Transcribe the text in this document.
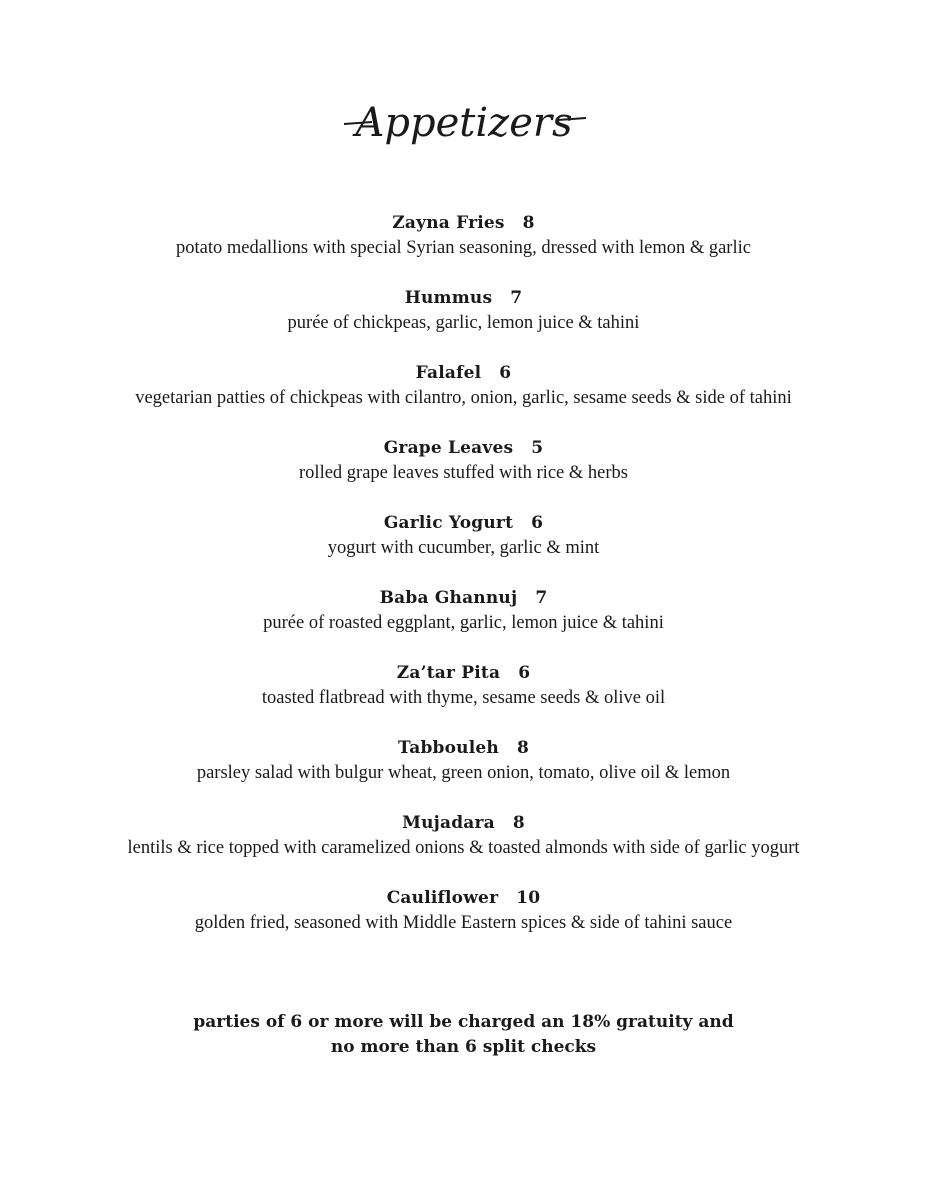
Appetizers
Zayna Fries 8
potato medallions with special Syrian seasoning, dressed with lemon & garlic
Hummus 7
purée of chickpeas, garlic, lemon juice & tahini
Falafel 6
vegetarian patties of chickpeas with cilantro, onion, garlic, sesame seeds & side of tahini
Grape Leaves 5
rolled grape leaves stuffed with rice & herbs
Garlic Yogurt 6
yogurt with cucumber, garlic & mint
Baba Ghannuj 7
purée of roasted eggplant, garlic, lemon juice & tahini
Za’tar Pita 6
toasted flatbread with thyme, sesame seeds & olive oil
Tabbouleh 8
parsley salad with bulgur wheat, green onion, tomato, olive oil & lemon
Mujadara 8
lentils & rice topped with caramelized onions & toasted almonds with side of garlic yogurt
Cauliflower 10
golden fried, seasoned with Middle Eastern spices & side of tahini sauce
parties of 6 or more will be charged an 18% gratuity and
no more than 6 split checks
